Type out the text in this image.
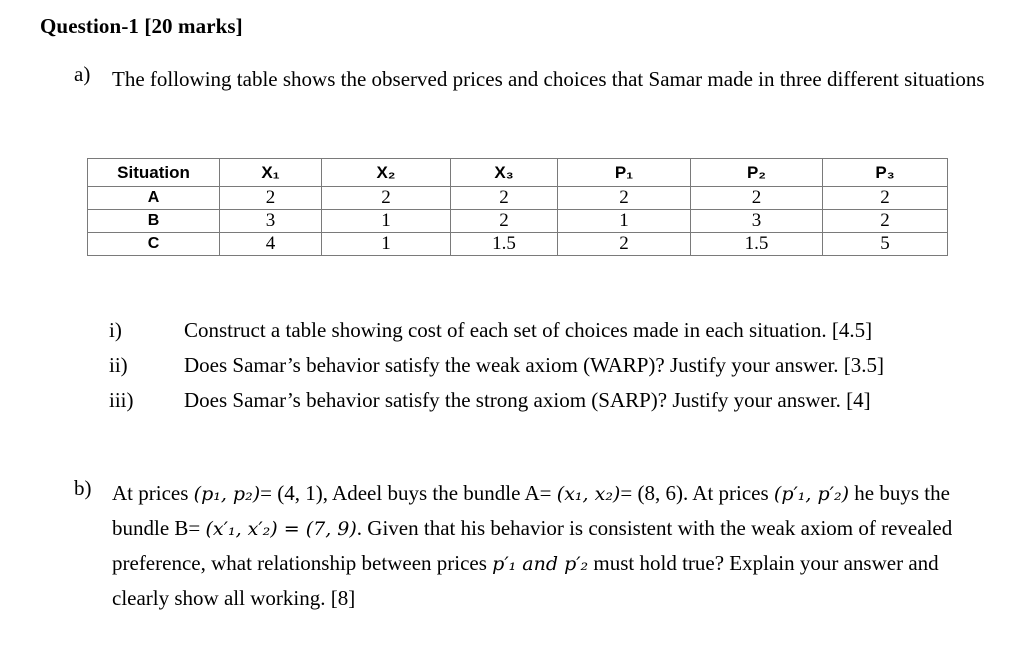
Question-1 [20 marks]
a) The following table shows the observed prices and choices that Samar made in three different situations
Situation	X₁	X₂	X₃	P₁	P₂	P₃
A	2	2	2	2	2	2
B	3	1	2	1	3	2
C	4	1	1.5	2	1.5	5
i)	Construct a table showing cost of each set of choices made in each situation. [4.5]
ii)	Does Samar’s behavior satisfy the weak axiom (WARP)? Justify your answer. [3.5]
iii) Does Samar’s behavior satisfy the strong axiom (SARP)? Justify your answer. [4]
b) At prices (p₁, p₂)= (4, 1), Adeel buys the bundle A= (x₁, x₂)= (8, 6). At prices (p′₁, p′₂) he buys the bundle B= (x′₁, x′₂) = (7, 9). Given that his behavior is consistent with the weak axiom of revealed preference, what relationship between prices p′₁ and p′₂ must hold true? Explain your answer and clearly show all working. [8]
